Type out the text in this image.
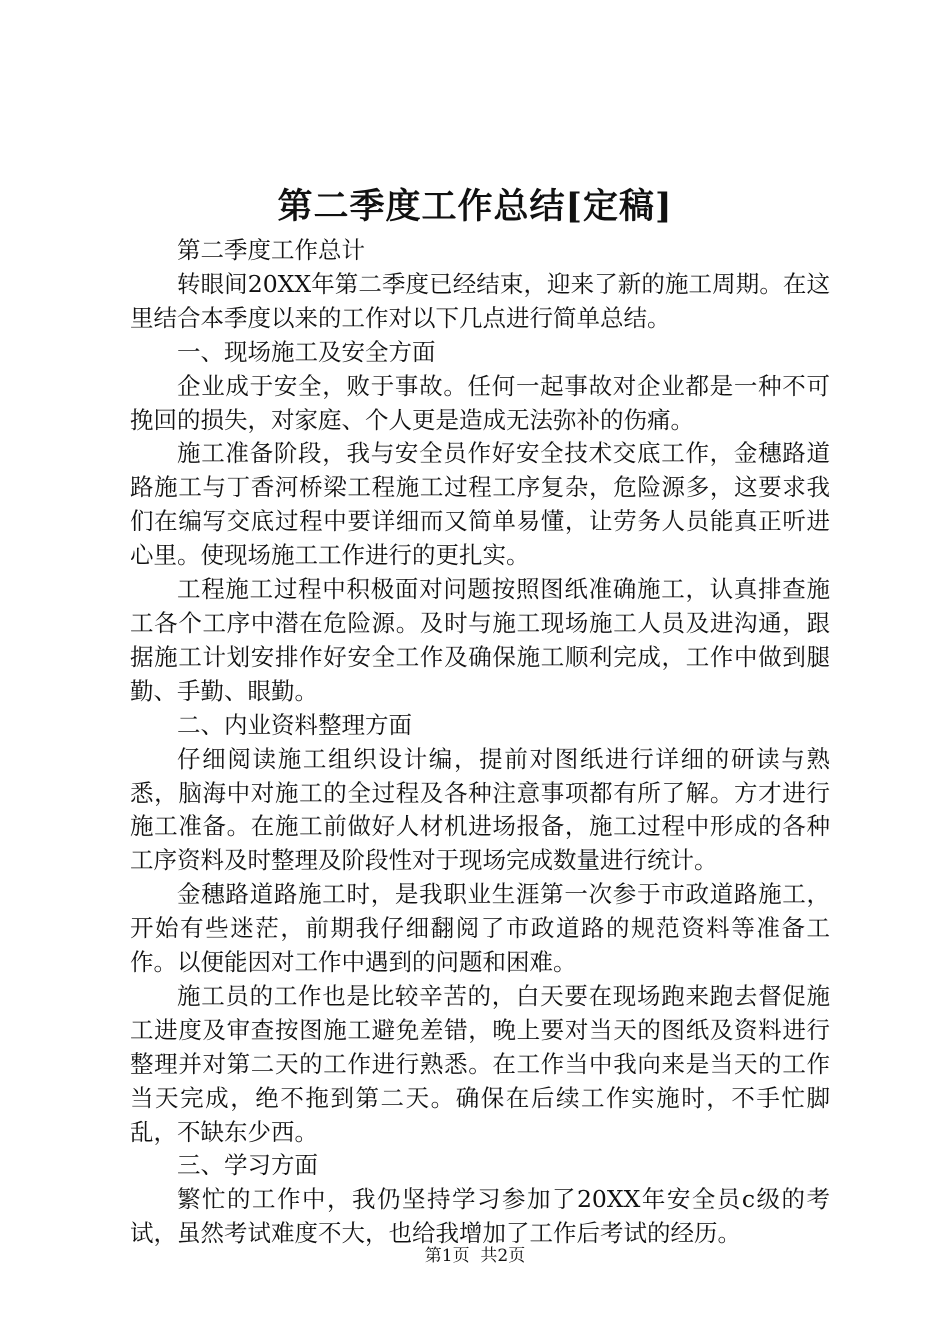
第二季度工作总结[定稿]

第二季度工作总计

转眼间20XX年第二季度已经结束，迎来了新的施工周期。在这里结合本季度以来的工作对以下几点进行简单总结。

一、现场施工及安全方面

企业成于安全，败于事故。任何一起事故对企业都是一种不可挽回的损失，对家庭、个人更是造成无法弥补的伤痛。

施工准备阶段，我与安全员作好安全技术交底工作，金穗路道路施工与丁香河桥梁工程施工过程工序复杂，危险源多，这要求我们在编写交底过程中要详细而又简单易懂，让劳务人员能真正听进心里。使现场施工工作进行的更扎实。

工程施工过程中积极面对问题按照图纸准确施工，认真排查施工各个工序中潜在危险源。及时与施工现场施工人员及进沟通，跟据施工计划安排作好安全工作及确保施工顺利完成，工作中做到腿勤、手勤、眼勤。

二、内业资料整理方面

仔细阅读施工组织设计编，提前对图纸进行详细的研读与熟悉，脑海中对施工的全过程及各种注意事项都有所了解。方才进行施工准备。在施工前做好人材机进场报备，施工过程中形成的各种工序资料及时整理及阶段性对于现场完成数量进行统计。

金穗路道路施工时，是我职业生涯第一次参于市政道路施工，开始有些迷茫，前期我仔细翻阅了市政道路的规范资料等准备工作。以便能因对工作中遇到的问题和困难。

施工员的工作也是比较辛苦的，白天要在现场跑来跑去督促施工进度及审查按图施工避免差错，晚上要对当天的图纸及资料进行整理并对第二天的工作进行熟悉。在工作当中我向来是当天的工作当天完成，绝不拖到第二天。确保在后续工作实施时，不手忙脚乱，不缺东少西。

三、学习方面

繁忙的工作中，我仍坚持学习参加了20XX年安全员c级的考试，虽然考试难度不大，也给我增加了工作后考试的经历。

第1页  共2页
